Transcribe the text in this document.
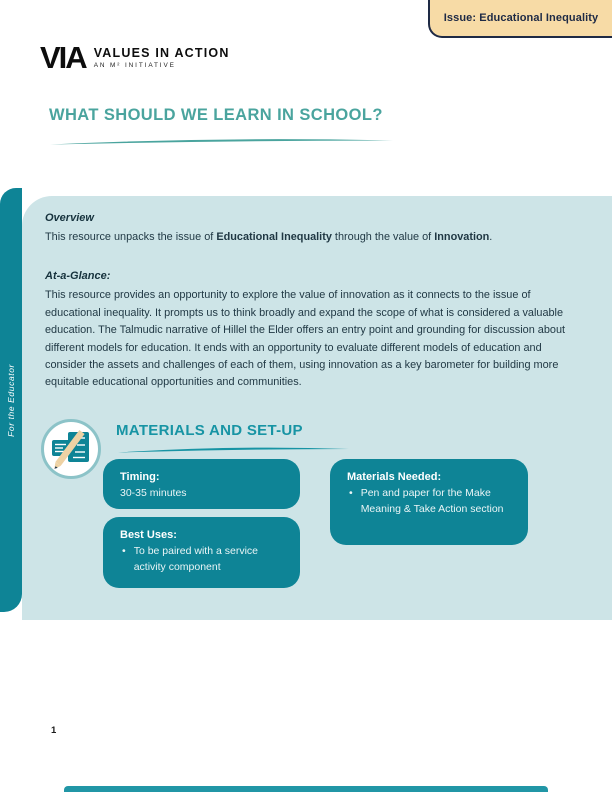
Issue: Educational Inequality
VIA VALUES IN ACTION
AN M² INITIATIVE
WHAT SHOULD WE LEARN IN SCHOOL?
For the Educator

Overview

This resource unpacks the issue of Educational Inequality through the value of Innovation.

At-a-Glance:

This resource provides an opportunity to explore the value of innovation as it connects to the issue of educational inequality. It prompts us to think broadly and expand the scope of what is considered a valuable education. The Talmudic narrative of Hillel the Elder offers an entry point and grounding for discussion about different models for education. It ends with an opportunity to evaluate different models of education and consider the assets and challenges of each of them, using innovation as a key barometer for building more equitable educational opportunities and communities.

MATERIALS AND SET-UP

Timing:

30-35 minutes

Best Uses:

• To be paired with a service activity component

Materials Needed:

• Pen and paper for the Make Meaning & Take Action section

1
